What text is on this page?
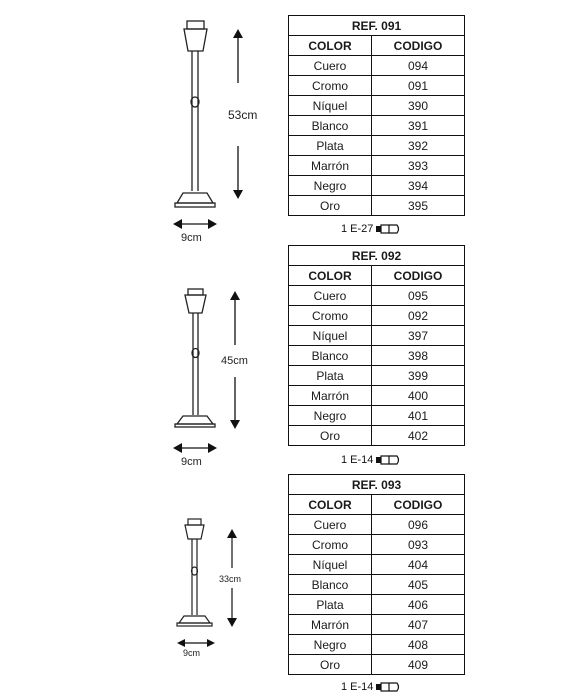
53cm
9cm
REF. 091	
COLOR	CODIGO
Cuero	094
Cromo	091
Níquel	390
Blanco	391
Plata	392
Marrón	393
Negro	394
Oro	395
1 E-27
45cm
9cm
REF. 092	
COLOR	CODIGO
Cuero	095
Cromo	092
Níquel	397
Blanco	398
Plata	399
Marrón	400
Negro	401
Oro	402
1 E-14
33cm
9cm
REF. 093	
COLOR	CODIGO
Cuero	096
Cromo	093
Níquel	404
Blanco	405
Plata	406
Marrón	407
Negro	408
Oro	409
1 E-14
